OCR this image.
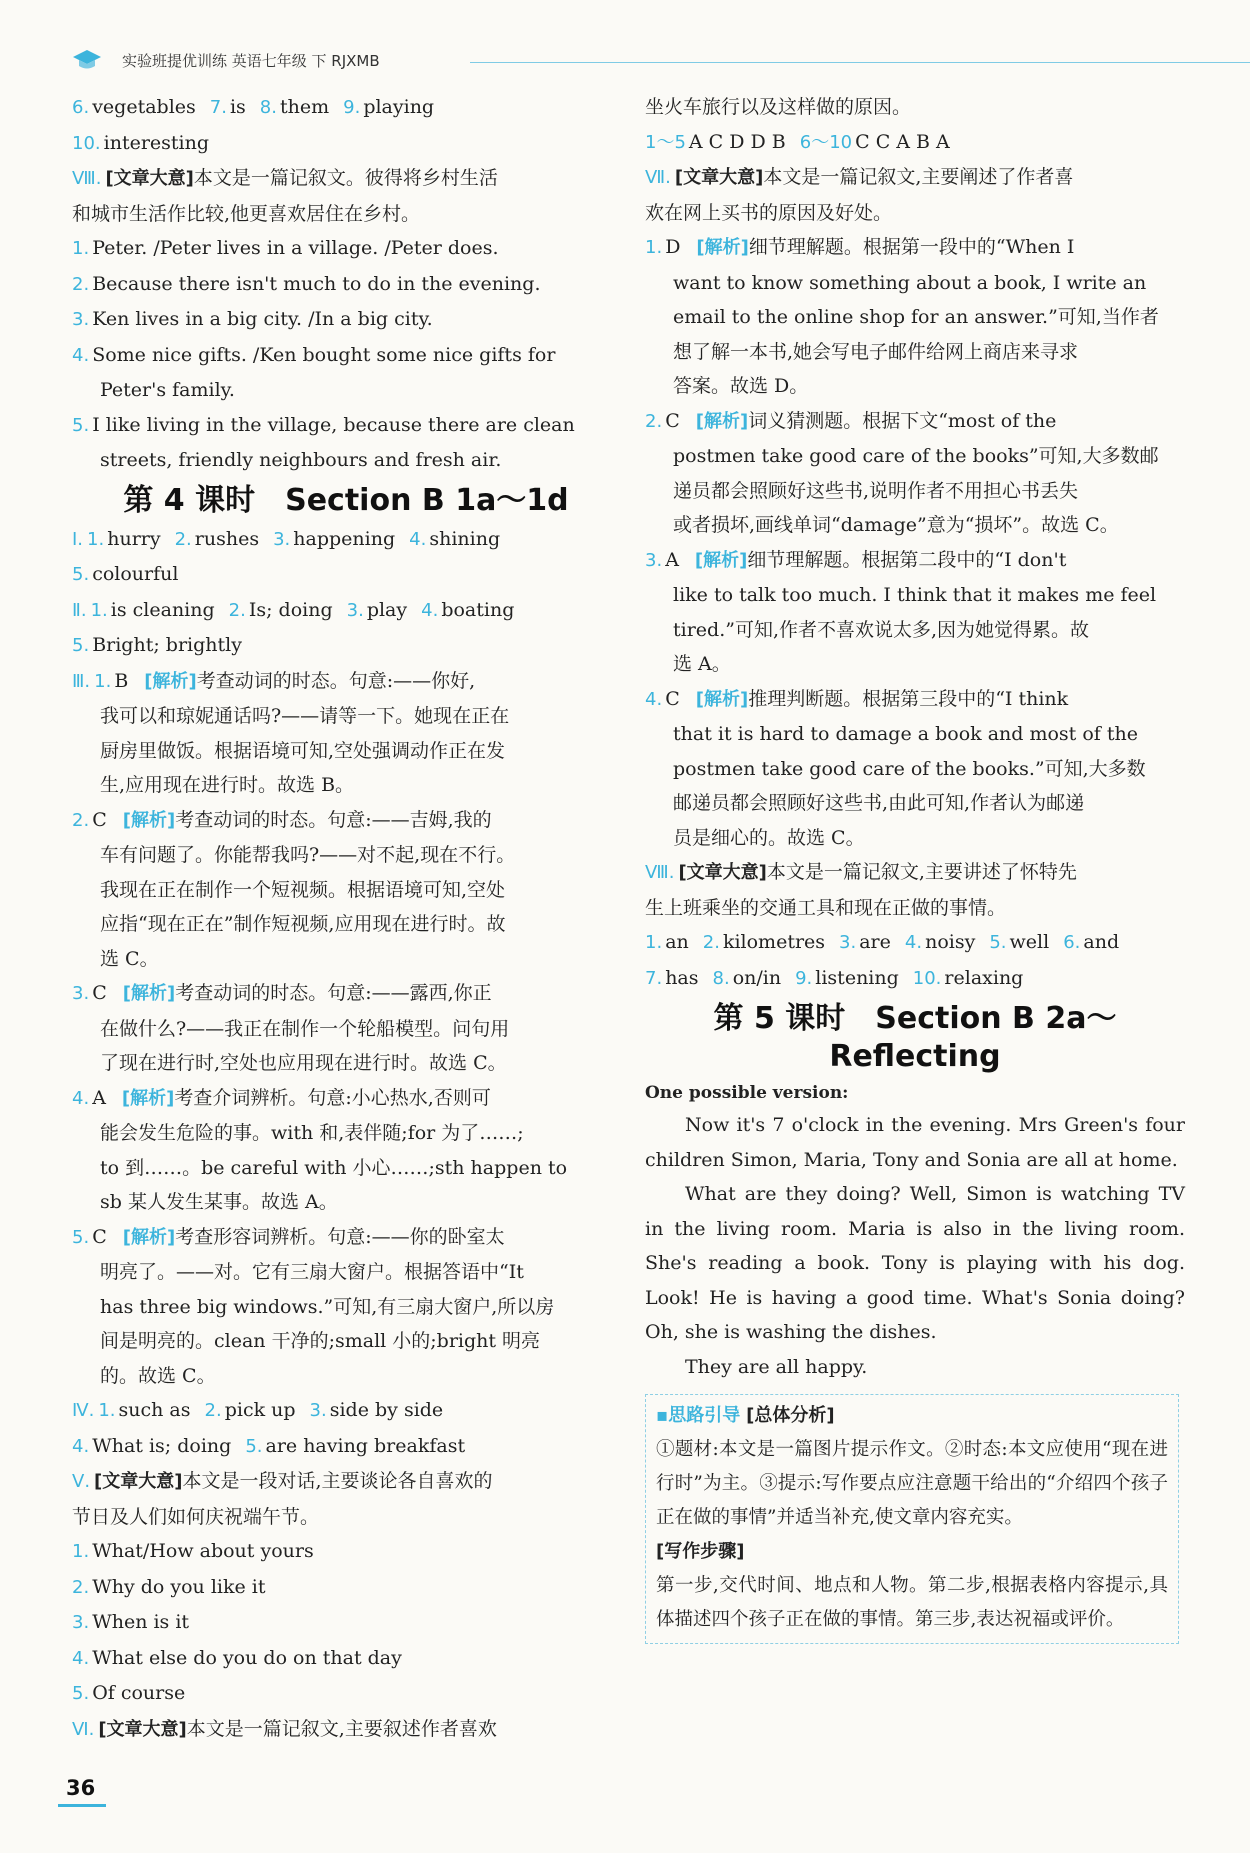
实验班提优训练 英语七年级 下 RJXMB
6. vegetables 7. is 8. them 9. playing
10. interesting
Ⅷ. [文章大意]本文是一篇记叙文。彼得将乡村生活
和城市生活作比较,他更喜欢居住在乡村。
1. Peter. /Peter lives in a village. /Peter does.
2. Because there isn't much to do in the evening.
3. Ken lives in a big city. /In a big city.
4. Some nice gifts. /Ken bought some nice gifts for
Peter's family.
5. I like living in the village, because there are clean
streets, friendly neighbours and fresh air.
第 4 课时　Section B 1a～1d
Ⅰ. 1. hurry 2. rushes 3. happening 4. shining
5. colourful
Ⅱ. 1. is cleaning 2. Is; doing 3. play 4. boating
5. Bright; brightly
Ⅲ. 1. B [解析]考查动词的时态。句意:——你好,
我可以和琼妮通话吗?——请等一下。她现在正在
厨房里做饭。根据语境可知,空处强调动作正在发
生,应用现在进行时。故选 B。
2. C [解析]考查动词的时态。句意:——吉姆,我的
车有问题了。你能帮我吗?——对不起,现在不行。
我现在正在制作一个短视频。根据语境可知,空处
应指“现在正在”制作短视频,应用现在进行时。故
选 C。
3. C [解析]考查动词的时态。句意:——露西,你正
在做什么?——我正在制作一个轮船模型。问句用
了现在进行时,空处也应用现在进行时。故选 C。
4. A [解析]考查介词辨析。句意:小心热水,否则可
能会发生危险的事。with 和,表伴随;for 为了……;
to 到……。be careful with 小心……;sth happen to
sb 某人发生某事。故选 A。
5. C [解析]考查形容词辨析。句意:——你的卧室太
明亮了。——对。它有三扇大窗户。根据答语中“It
has three big windows.”可知,有三扇大窗户,所以房
间是明亮的。clean 干净的;small 小的;bright 明亮
的。故选 C。
Ⅳ. 1. such as 2. pick up 3. side by side
4. What is; doing 5. are having breakfast
Ⅴ. [文章大意]本文是一段对话,主要谈论各自喜欢的
节日及人们如何庆祝端午节。
1. What/How about yours
2. Why do you like it
3. When is it
4. What else do you do on that day
5. Of course
Ⅵ. [文章大意]本文是一篇记叙文,主要叙述作者喜欢
坐火车旅行以及这样做的原因。
1～5 A C D D B 6～10 C C A B A
Ⅶ. [文章大意]本文是一篇记叙文,主要阐述了作者喜
欢在网上买书的原因及好处。
1. D [解析]细节理解题。根据第一段中的“When I
want to know something about a book, I write an
email to the online shop for an answer.”可知,当作者
想了解一本书,她会写电子邮件给网上商店来寻求
答案。故选 D。
2. C [解析]词义猜测题。根据下文“most of the
postmen take good care of the books”可知,大多数邮
递员都会照顾好这些书,说明作者不用担心书丢失
或者损坏,画线单词“damage”意为“损坏”。故选 C。
3. A [解析]细节理解题。根据第二段中的“I don't
like to talk too much. I think that it makes me feel
tired.”可知,作者不喜欢说太多,因为她觉得累。故
选 A。
4. C [解析]推理判断题。根据第三段中的“I think
that it is hard to damage a book and most of the
postmen take good care of the books.”可知,大多数
邮递员都会照顾好这些书,由此可知,作者认为邮递
员是细心的。故选 C。
Ⅷ. [文章大意]本文是一篇记叙文,主要讲述了怀特先
生上班乘坐的交通工具和现在正做的事情。
1. an 2. kilometres 3. are 4. noisy 5. well 6. and
7. has 8. on/in 9. listening 10. relaxing
第 5 课时　Section B 2a～
Reflecting
One possible version:
Now it's 7 o'clock in the evening. Mrs Green's four children Simon, Maria, Tony and Sonia are all at home.
What are they doing? Well, Simon is watching TV in the living room. Maria is also in the living room. She's reading a book. Tony is playing with his dog. Look! He is having a good time. What's Sonia doing? Oh, she is washing the dishes.
They are all happy.
▪思路引导 [总体分析]
①题材:本文是一篇图片提示作文。②时态:本文应使用“现在进行时”为主。③提示:写作要点应注意题干给出的“介绍四个孩子正在做的事情”并适当补充,使文章内容充实。
[写作步骤]
第一步,交代时间、地点和人物。第二步,根据表格内容提示,具体描述四个孩子正在做的事情。第三步,表达祝福或评价。
36
